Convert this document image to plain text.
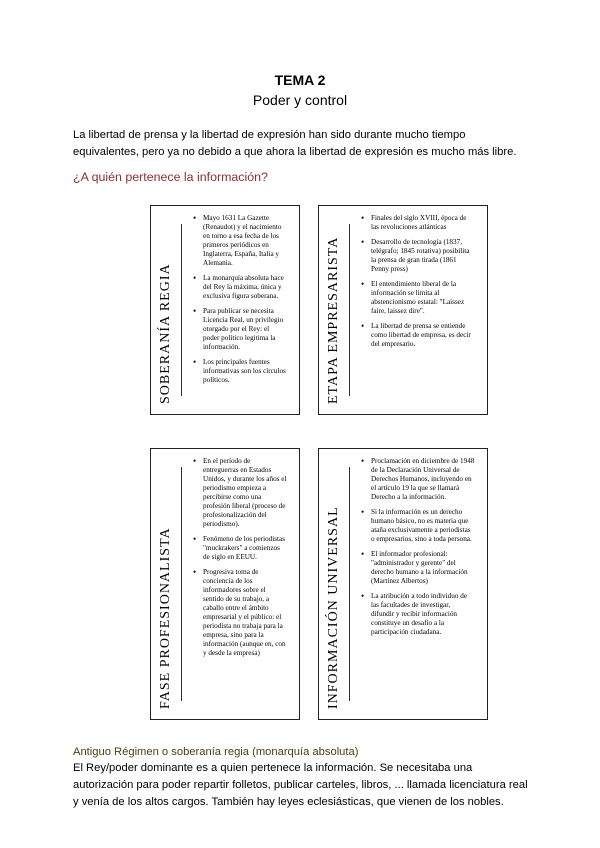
TEMA 2
Poder y control

La libertad de prensa y la libertad de expresión han sido durante mucho tiempo equivalentes, pero ya no debido a que ahora la libertad de expresión es mucho más libre.

¿A quién pertenece la información?
SOBERANÍA REGIA
• Mayo 1631 La Gazette (Renaudot) y el nacimiento en torno a esa fecha de los primeros periódicos en Inglaterra, España, Italia y Alemania.
• La monarquía absoluta hace del Rey la máxima, única y exclusiva figura soberana.
• Para publicar se necesita Licencia Real, un privilegio otorgado por el Rey: el poder político legitima la información.
• Los principales fuentes informativas son los círculos políticos.	ETAPA EMPRESARISTA
• Finales del siglo XVIII, época de las revoluciones atlánticas
• Desarrollo de tecnología (1837, telégrafo; 1845 rotativa) posibilita la prensa de gran tirada (1861 Penny press)
• El entendimiento liberal de la información se limita al abstencionismo estatal: "Laissez faire, laissez dire".
• La libertad de prensa se entiende como libertad de empresa, es decir del empresario.
FASE PROFESIONALISTA
• En el período de entreguerras en Estados Unidos, y durante los años el periodismo empieza a percibirse como una profesión liberal (proceso de profesionalización del periodismo).
• Fenómeno de los periodistas "muckrakers" a comienzos de siglo en EEUU.
• Progresiva toma de conciencia de los informadores sobre el sentido de su trabajo, a caballo entre el ámbito empresarial y el público: el periodista no trabaja para la empresa, sino para la información (aunque en, con y desde la empresa)	INFORMACIÓN UNIVERSAL
• Proclamación en diciembre de 1948 de la Declaración Universal de Derechos Humanos, incluyendo en el artículo 19 la que se llamará Derecho a la información.
• Si la información es un derecho humano básico, no es materia que ataña exclusivamente a periodistas o empresarios, sino a toda persona.
• El informador profesional: "administrador y gerente" del derecho humano a la información (Martínez Albertos)
• La atribución a todo individuo de las facultades de investigar, difundir y recibir información constituye un desafío a la participación ciudadana.
Antiguo Régimen o soberanía regia (monarquía absoluta)

El Rey/poder dominante es a quien pertenece la información. Se necesitaba una autorización para poder repartir folletos, publicar carteles, libros, ... llamada licenciatura real y venía de los altos cargos. También hay leyes eclesiásticas, que vienen de los nobles.
